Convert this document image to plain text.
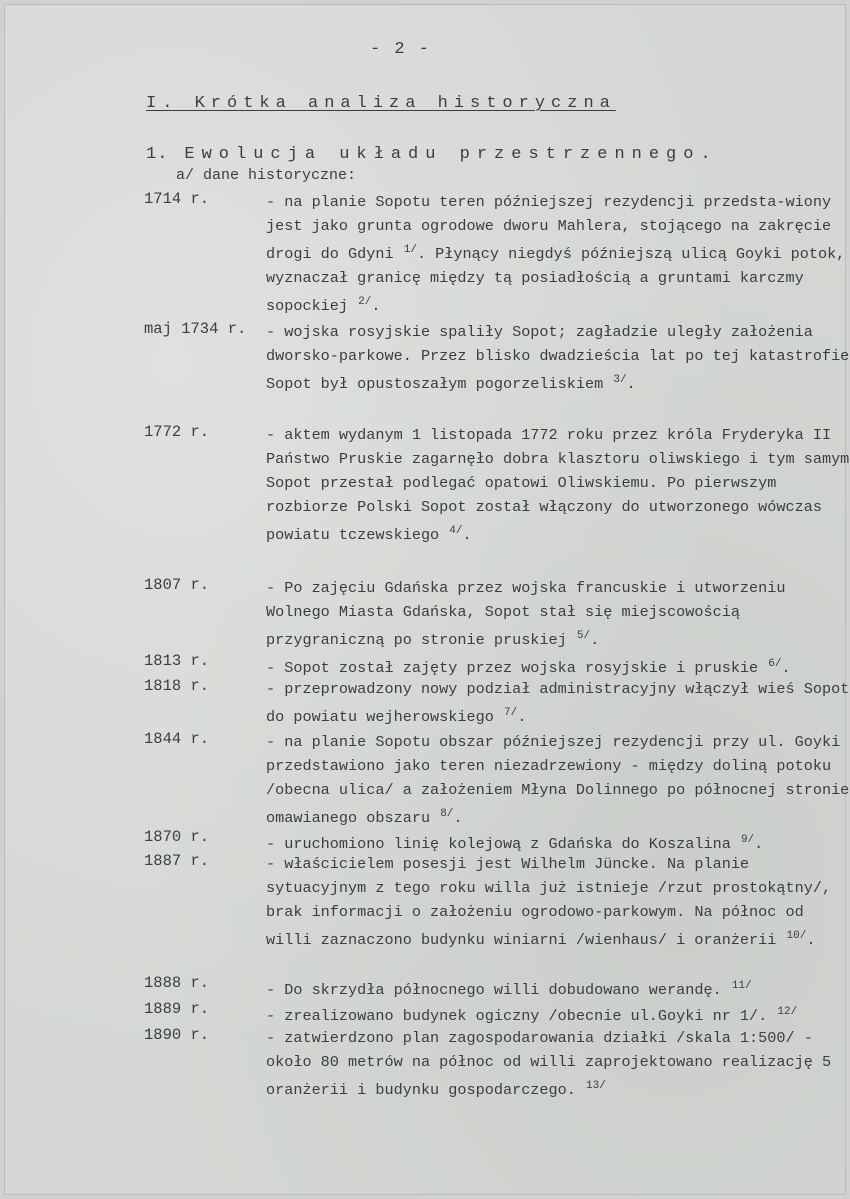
- 2 -
I. Krótka analiza historyczna
1. Ewolucja układu przestrzennego.
a/ dane historyczne:
1714 r.	- na planie Sopotu teren późniejszej rezydencji przedsta-wiony jest jako grunta ogrodowe dworu Mahlera, stojącego na zakręcie drogi do Gdyni $^{1/}$. Płynący niegdyś późniejszą ulicą Goyki potok, wyznaczał granicę między tą posiadłością a gruntami karczmy sopockiej $^{2/}$.

maj 1734 r. - wojska rosyjskie spaliły Sopot; zagładzie uległy założenia dworsko-parkowe. Przez blisko dwadzieścia lat po tej katastrofie Sopot był opustoszałym pogorzeliskiem $^{3/}$.

1772 r.	- aktem wydanym 1 listopada 1772 roku przez króla Fryderyka II Państwo Pruskie zagarnęło dobra klasztoru oliwskiego i tym samym Sopot przestał podlegać opatowi Oliwskiemu. Po pierwszym rozbiorze Polski Sopot został włączony do utworzonego wówczas powiatu tczewskiego $^{4/}$.

1807 r.	- Po zajęciu Gdańska przez wojska francuskie i utworzeniu Wolnego Miasta Gdańska, Sopot stał się miejscowością przygraniczną po stronie pruskiej $^{5/}$.

1813 r.	- Sopot został zajęty przez wojska rosyjskie i pruskie $^{6/}$.

1818 r.	- przeprowadzony nowy podział administracyjny włączył wieś Sopot do powiatu wejherowskiego $^{7/}$.

1844 r.	- na planie Sopotu obszar późniejszej rezydencji przy ul. Goyki przedstawiono jako teren niezadrzewiony - między doliną potoku /obecna ulica/ a założeniem Młyna Dolinnego po północnej stronie omawianego obszaru $^{8/}$.

1870 r.	- uruchomiono linię kolejową z Gdańska do Koszalina $^{9/}$.

1887 r.	- właścicielem posesji jest Wilhelm Jüncke. Na planie sytuacyjnym z tego roku willa już istnieje /rzut prostokątny/, brak informacji o założeniu ogrodowo-parkowym. Na północ od willi zaznaczono budynku winiarni /wienhaus/ i oranżerii $^{10/}$.

1888 r.	- Do skrzydła północnego willi dobudowano werandę. $^{11/}$

1889 r.	- zrealizowano budynek ogiczny /obecnie ul.Goyki nr 1/. $^{12/}$

1890 r.	- zatwierdzono plan zagospodarowania działki /skala 1:500/ - około 80 metrów na północ od willi zaprojektowano realizację 5 oranżerii i budynku gospodarczego. $^{13/}$
